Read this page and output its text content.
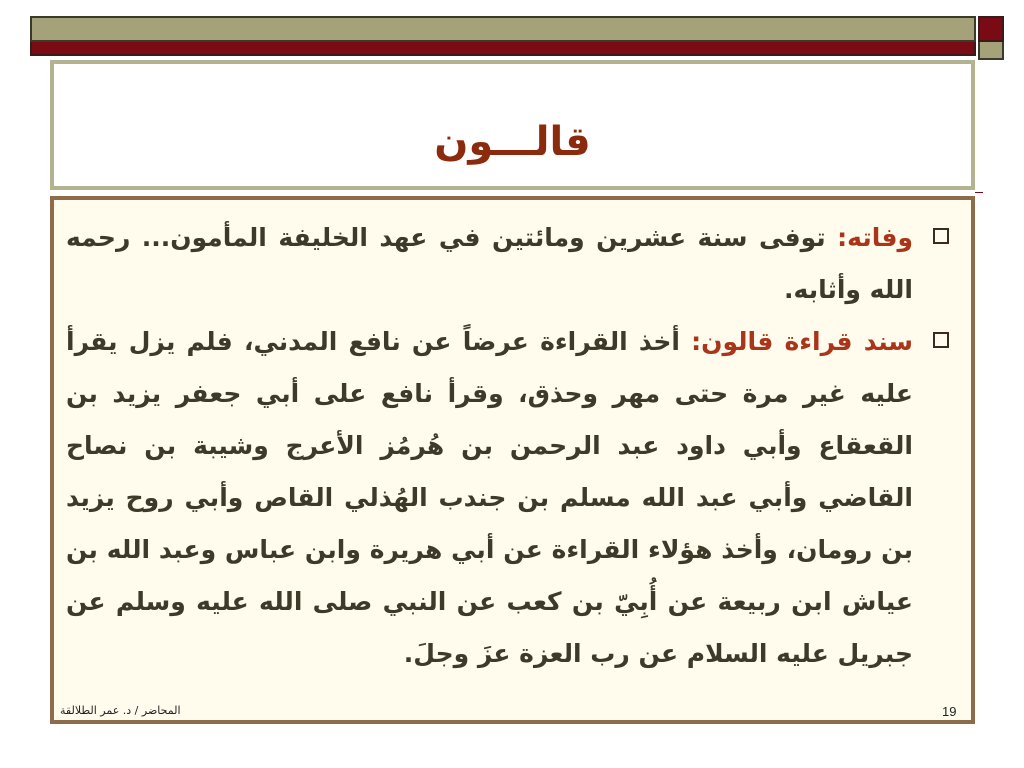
قالـــون

وفاته: توفى سنة عشرين ومائتين في عهد الخليفة المأمون... رحمه الله وأثابه.

سند قراءة قالون: أخذ القراءة عرضاً عن نافع المدني، فلم يزل يقرأ عليه غير مرة حتى مهر وحذق، وقرأ نافع على أبي جعفر يزيد بن القعقاع وأبي داود عبد الرحمن بن هُرمُز الأعرج وشيبة بن نصاح القاضي وأبي عبد الله مسلم بن جندب الهُذلي القاص وأبي روح يزيد بن رومان، وأخذ هؤلاء القراءة عن أبي هريرة وابن عباس وعبد الله بن عياش ابن ربيعة عن أُبِيّ بن كعب عن النبي صلى الله عليه وسلم عن جبريل عليه السلام عن رب العزة عزَ وجلَ.

المحاضر / د. عمر الطلالقة	19
